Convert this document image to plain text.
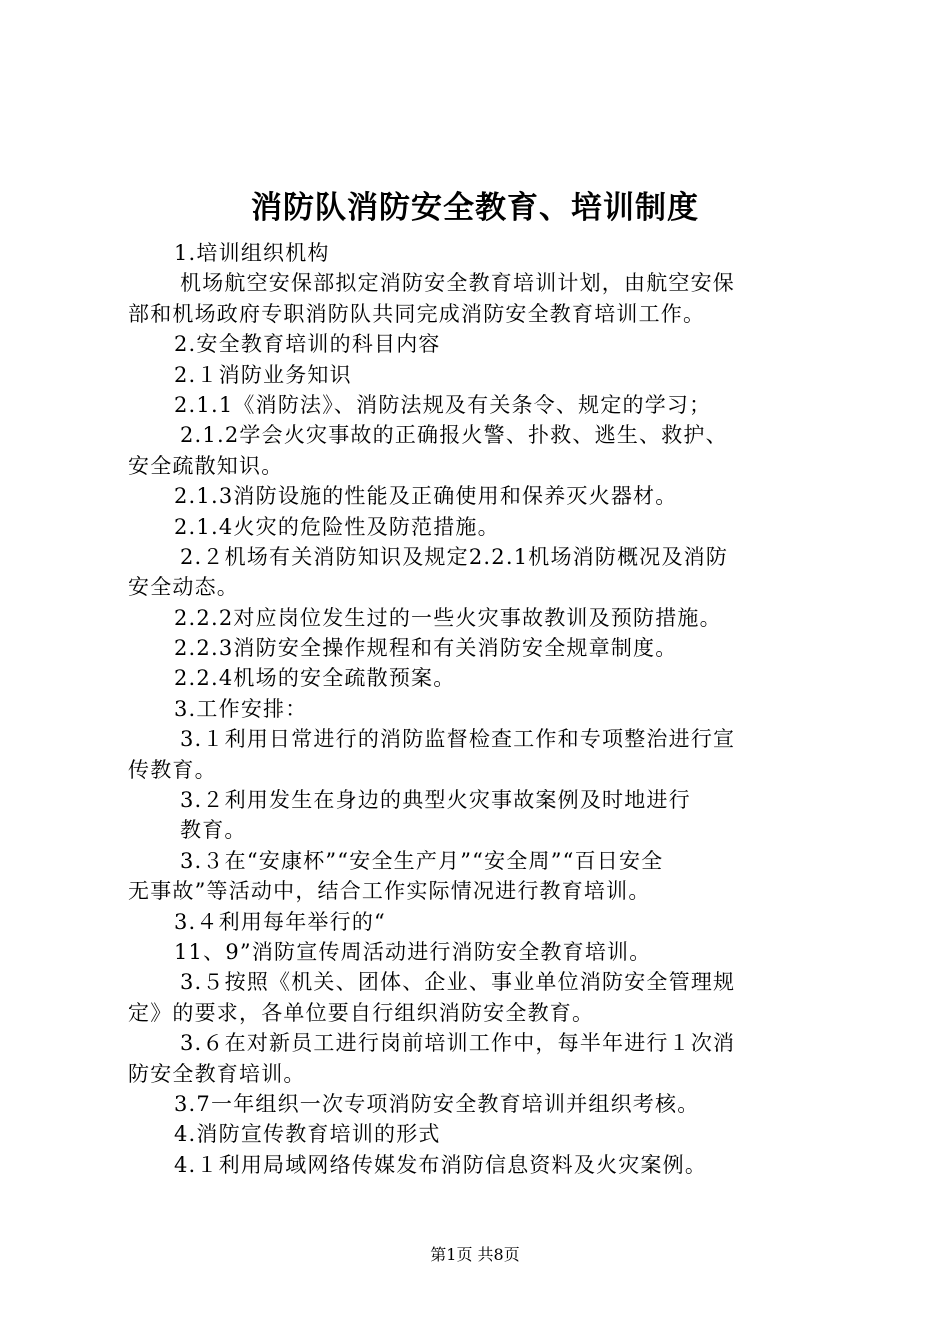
消防队消防安全教育、培训制度
1.培训组织机构
机场航空安保部拟定消防安全教育培训计划，由航空安保
部和机场政府专职消防队共同完成消防安全教育培训工作。
2.安全教育培训的科目内容
2.１消防业务知识
2.1.1《消防法》、消防法规及有关条令、规定的学习；
2.1.2学会火灾事故的正确报火警、扑救、逃生、救护、
安全疏散知识。
2.1.3消防设施的性能及正确使用和保养灭火器材。
2.1.4火灾的危险性及防范措施。
2.２机场有关消防知识及规定2.2.1机场消防概况及消防
安全动态。
2.2.2对应岗位发生过的一些火灾事故教训及预防措施。
2.2.3消防安全操作规程和有关消防安全规章制度。
2.2.4机场的安全疏散预案。
3.工作安排：
3.１利用日常进行的消防监督检查工作和专项整治进行宣
传教育。
3.２利用发生在身边的典型火灾事故案例及时地进行
教育。
3.３在“安康杯”“安全生产月”“安全周”“百日安全
无事故”等活动中，结合工作实际情况进行教育培训。
3.４利用每年举行的“
11、9”消防宣传周活动进行消防安全教育培训。
3.５按照《机关、团体、企业、事业单位消防安全管理规
定》的要求，各单位要自行组织消防安全教育。
3.６在对新员工进行岗前培训工作中，每半年进行１次消
防安全教育培训。
3.7一年组织一次专项消防安全教育培训并组织考核。
4.消防宣传教育培训的形式
4.１利用局域网络传媒发布消防信息资料及火灾案例。
第1页 共8页
